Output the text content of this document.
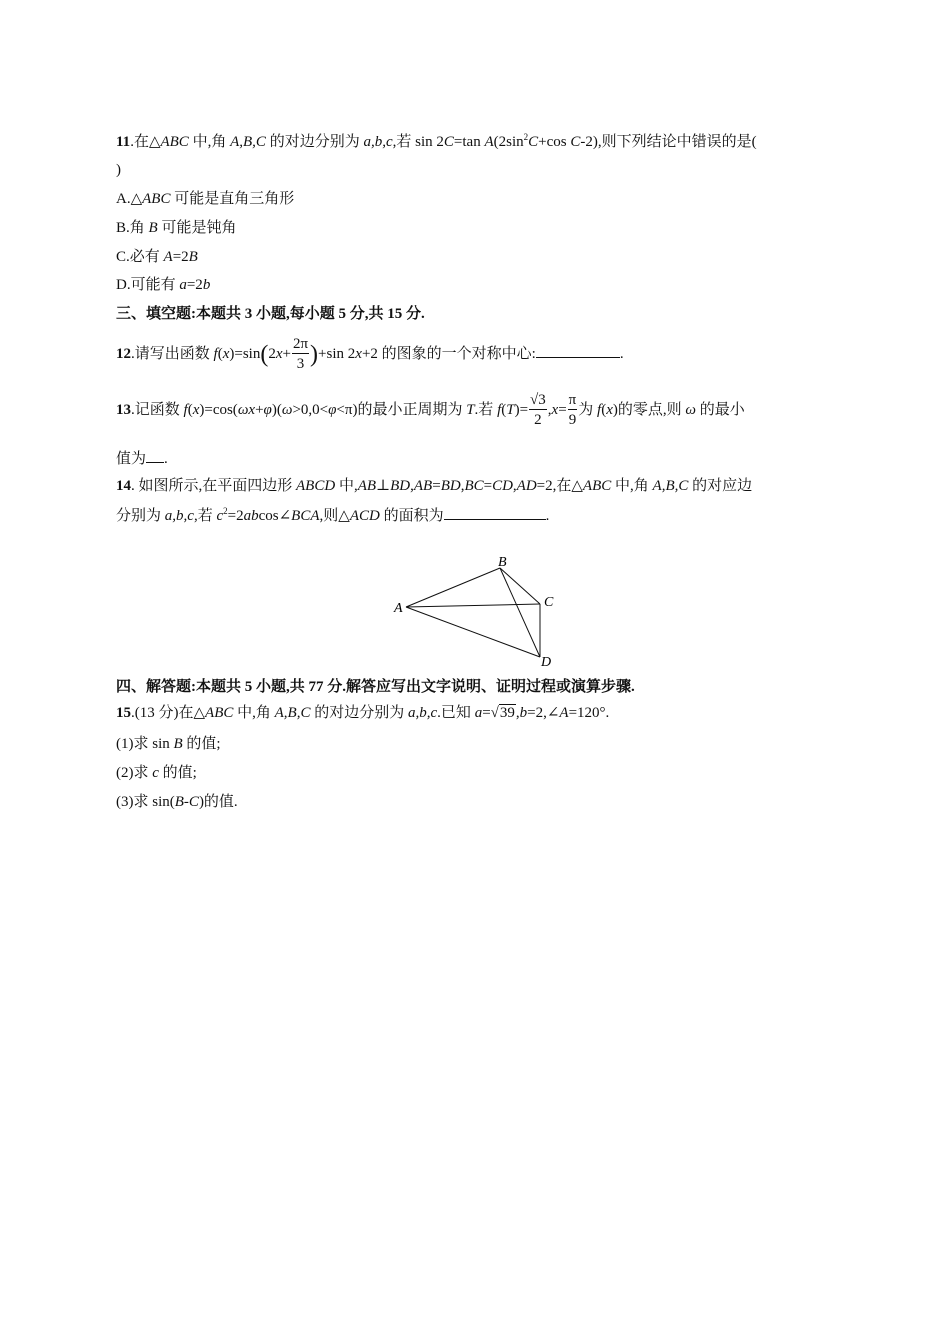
11.在△ABC 中,角 A,B,C 的对边分别为 a,b,c,若 sin 2C=tan $A(2\sin^2C+\cos$ C-2),则下列结论中错误的是(
)
A.△ABC 可能是直角三角形
B.角 B 可能是钝角
C.必有 A=2B
D.可能有 a=2b
三、填空题:本题共 3 小题,每小题 5 分,共 15 分.
12.请写出函数 $f(x)=\sin(2x+ \frac{2\pi}{3} )+\sin$ 2x+2 的图象的一个对称中心:	.
13.记函数 f(x)=cos(ωx+φ)(ω>0,0<φ<π)的最小正周期为 T.若 $f(T)= \frac{√3}{2} ,x= \frac{\pi}{9}$ 为 f(x)的零点,则 ω 的最小
值为 .
14. 如图所示,在平面四边形 ABCD 中,AB⊥BD,AB=BD,BC=CD,AD=2,在△ABC 中,角 A,B,C 的对应边
分别为 a,b,c,若 $c^2=2abcos\angle BCA$,则△ACD 的面积为	.
A
B
C
D
四、解答题:本题共 5 小题,共 77 分.解答应写出文字说明、证明过程或演算步骤.
15.(13 分)在△ABC 中,角 A,B,C 的对边分别为 a,b,c.已知 a=√39,b=2,∠A=120°.
(1)求 sin B 的值;
(2)求 c 的值;
(3)求 sin(B-C)的值.
